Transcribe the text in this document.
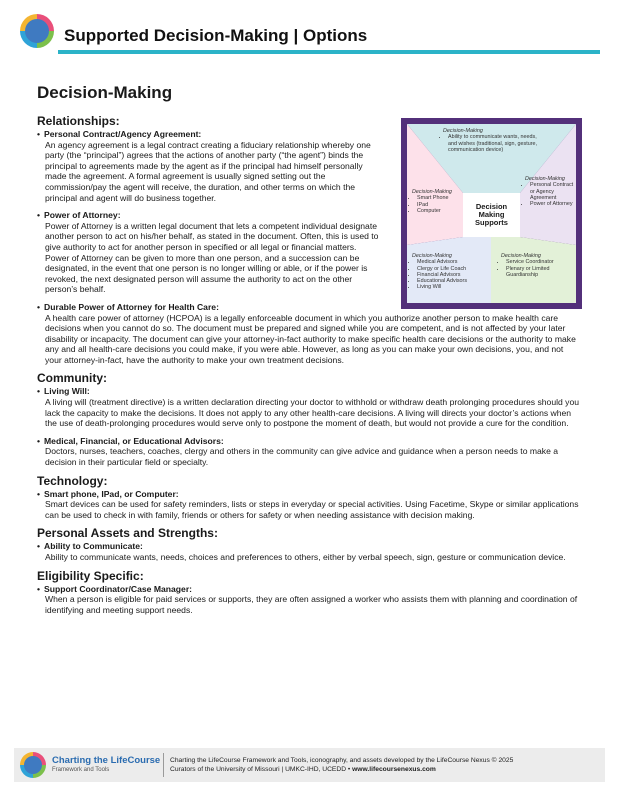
Supported Decision-Making | Options
Decision-Making
Decision Making Supports
Decision-Making
• Ability to communicate wants, needs, and wishes (traditional, sign, gesture, communication device)
Decision-Making
• Smart Phone
• IPad
• Computer
Decision-Making
• Personal Contract or Agency Agreement
• Power of Attorney
Decision-Making
• Medical Advisors
• Clergy or Life Coach
• Financial Advisors
• Educational Advisors
• Living Will
Decision-Making
• Service Coordinator
• Plenary or Limited Guardianship
Relationships:
• Personal Contract/Agency Agreement:
An agency agreement is a legal contract creating a fiduciary relationship whereby one party (the “principal”) agrees that the actions of another party (“the agent”) binds the principal to agreements made by the agent as if the principal had himself personally made the agreement. A formal agreement is usually signed setting out the commission/pay the agent will receive, the duration, and other terms on which the principal and agent will do business together.
• Power of Attorney:
Power of Attorney is a written legal document that lets a competent individual designate another person to act on his/her behalf, as stated in the document. Often, this is used to give authority to act for another person in specified or all legal or financial matters. Power of Attorney can be given to more than one person, and a succession can be designated, in the event that one person is no longer willing or able, or if the power is revoked, the next designated person will assume the authority to act on the other person’s behalf.
• Durable Power of Attorney for Health Care:
A health care power of attorney (HCPOA) is a legally enforceable document in which you authorize another person to make health care decisions when you cannot do so. The document must be prepared and signed while you are competent, and is not affected by your later disability or incapacity. The document can give your attorney-in-fact authority to make specific health care decisions or the authority to make any and all health-care decisions you could make, if you were able. However, as long as you can make your own decisions, you, and not your attorney-in-fact, have the authority to make your own treatment decisions.
Community:
• Living Will:
A living will (treatment directive) is a written declaration directing your doctor to withhold or withdraw death prolonging procedures should you lack the capacity to make the decisions. It does not apply to any other health-care decisions. A living will directs your doctor’s actions when the use of death-prolonging procedures would serve only to postpone the moment of death, but would not provide a cure for the condition.
• Medical, Financial, or Educational Advisors:
Doctors, nurses, teachers, coaches, clergy and others in the community can give advice and guidance when a person needs to make a decision in their particular field or specialty.
Technology:
• Smart phone, IPad, or Computer:
Smart devices can be used for safety reminders, lists or steps in everyday or special activities. Using Facetime, Skype or similar applications can be used to check in with family, friends or others for safety or when needing assistance with decision making.
Personal Assets and Strengths:
• Ability to Communicate:
Ability to communicate wants, needs, choices and preferences to others, either by verbal speech, sign, gesture or communication device.
Eligibility Specific:
• Support Coordinator/Case Manager:
When a person is eligible for paid services or supports, they are often assigned a worker who assists them with planning and coordination of identifying and meeting support needs.
Charting the LifeCourse
Framework and Tools
Charting the LifeCourse Framework and Tools, iconography, and assets developed by the LifeCourse Nexus © 2025
Curators of the University of Missouri | UMKC-IHD, UCEDD • www.lifecoursenexus.com
